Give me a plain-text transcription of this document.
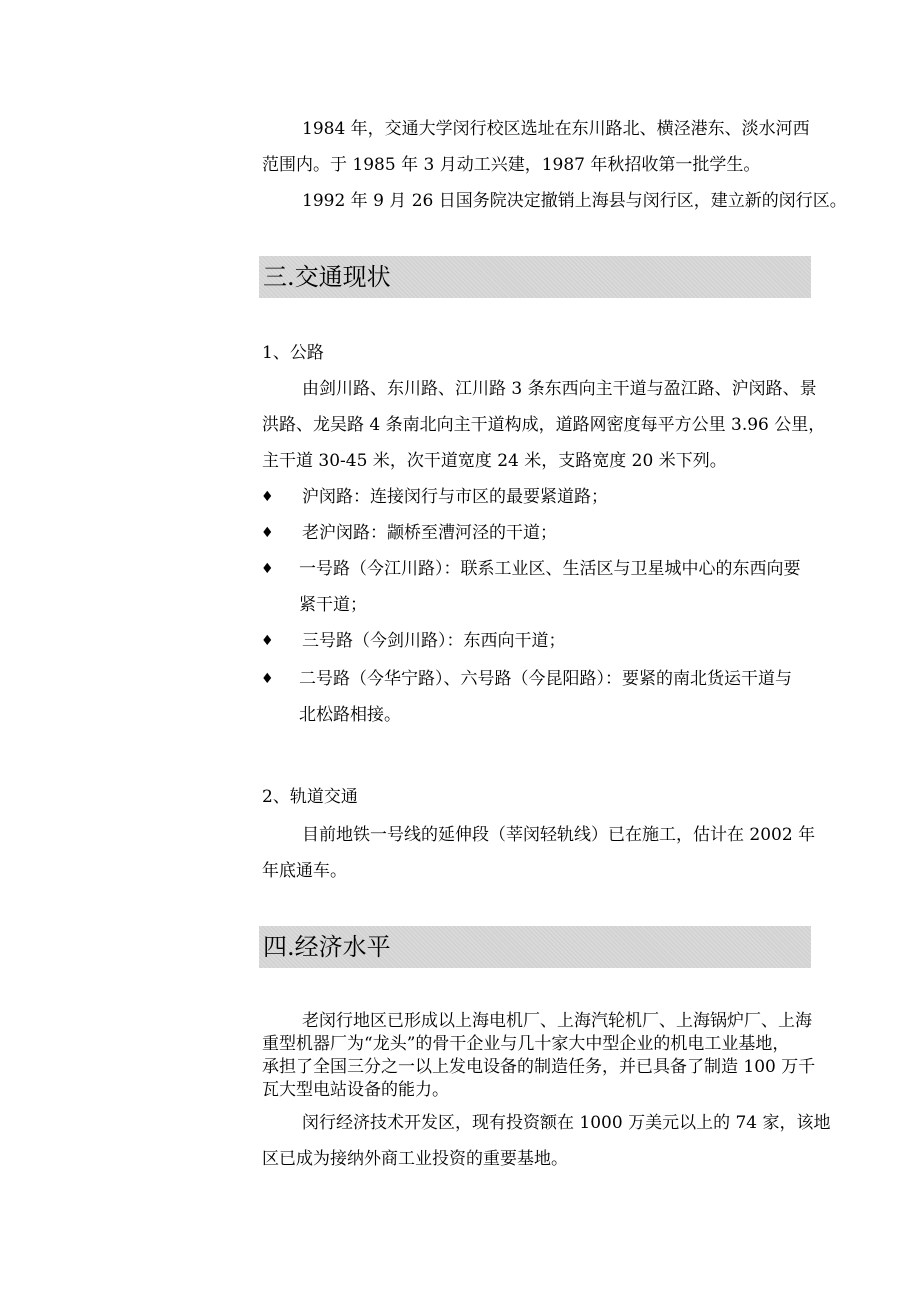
1984 年，交通大学闵行校区选址在东川路北、横泾港东、淡水河西
范围内。于 1985 年 3 月动工兴建，1987 年秋招收第一批学生。
1992 年 9 月 26 日国务院决定撤销上海县与闵行区，建立新的闵行区。
三.交通现状
1、公路
由剑川路、东川路、江川路 3 条东西向主干道与盈江路、沪闵路、景
洪路、龙吴路 4 条南北向主干道构成，道路网密度每平方公里 3.96 公里，
主干道 30-45 米，次干道宽度 24 米，支路宽度 20 米下列。
♦ 沪闵路：连接闵行与市区的最要紧道路；
♦ 老沪闵路：颛桥至漕河泾的干道；
♦ 一号路（今江川路）：联系工业区、生活区与卫星城中心的东西向要
紧干道；
♦ 三号路（今剑川路）：东西向干道；
♦ 二号路（今华宁路）、六号路（今昆阳路）：要紧的南北货运干道与
北松路相接。
2、轨道交通
目前地铁一号线的延伸段（莘闵轻轨线）已在施工，估计在 2002 年
年底通车。
四.经济水平
老闵行地区已形成以上海电机厂、上海汽轮机厂、上海锅炉厂、上海
重型机器厂为“龙头”的骨干企业与几十家大中型企业的机电工业基地，
承担了全国三分之一以上发电设备的制造任务，并已具备了制造 100 万千
瓦大型电站设备的能力。
闵行经济技术开发区，现有投资额在 1000 万美元以上的 74 家，该地
区已成为接纳外商工业投资的重要基地。
